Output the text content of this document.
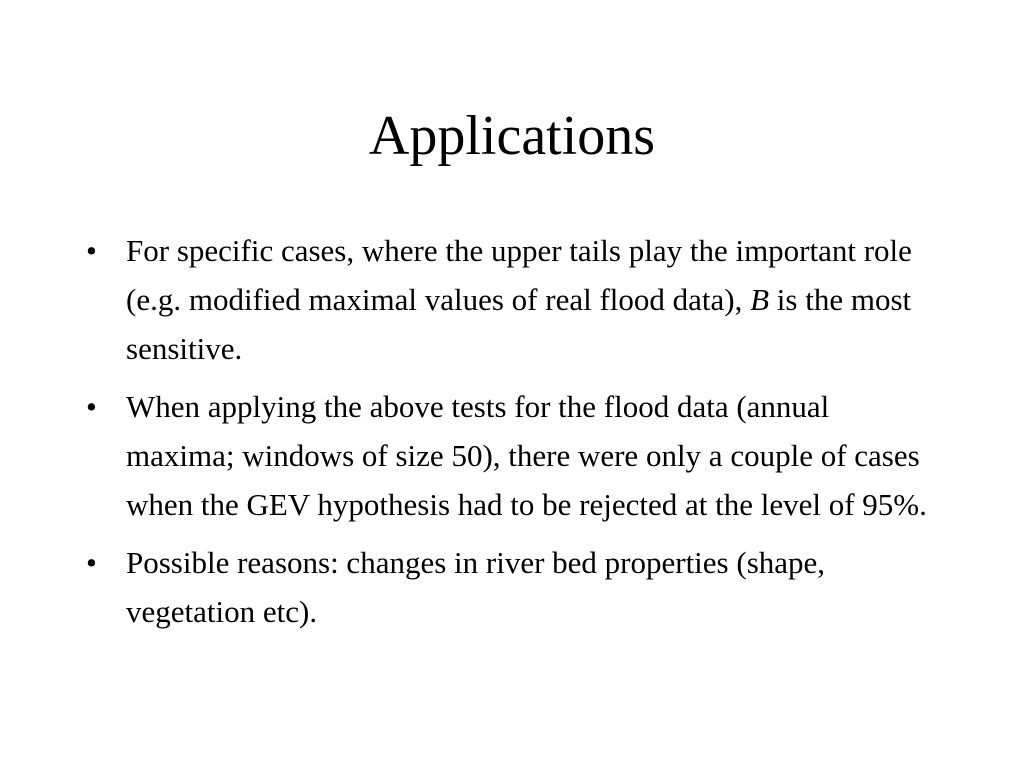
Applications
• For specific cases, where the upper tails play the important role (e.g. modified maximal values of real flood data), B is the most sensitive.
• When applying the above tests for the flood data (annual maxima; windows of size 50), there were only a couple of cases when the GEV hypothesis had to be rejected at the level of 95%.
• Possible reasons: changes in river bed properties (shape, vegetation etc).
